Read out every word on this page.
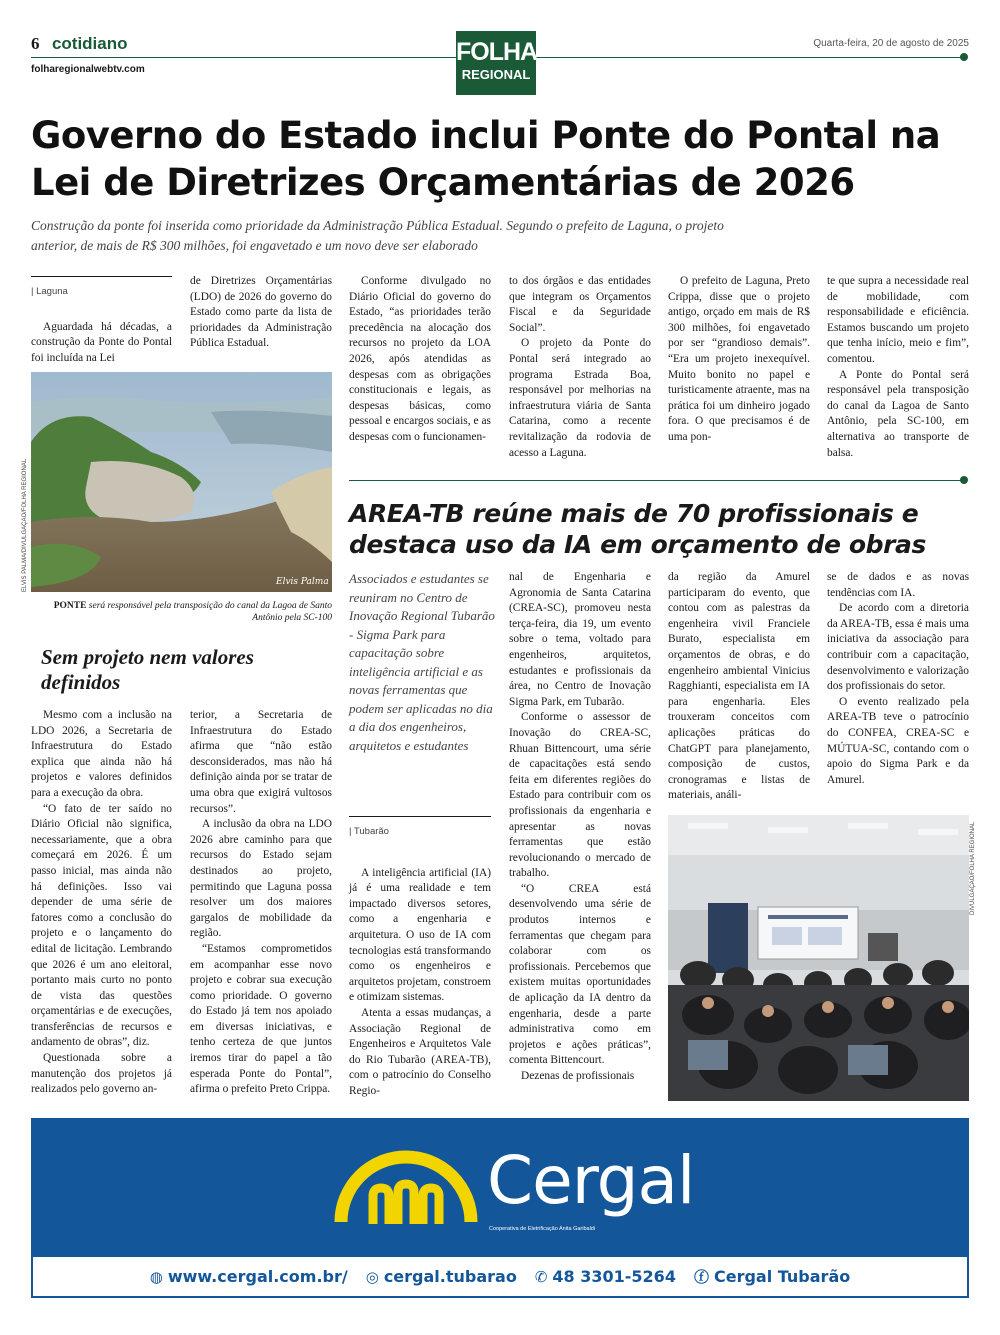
6 cotidiano
folharegionalwebtv.com
Quarta-feira, 20 de agosto de 2025
FOLHA
REGIONAL
Governo do Estado inclui Ponte do Pontal na Lei de Diretrizes Orçamentárias de 2026
Construção da ponte foi inserida como prioridade da Administração Pública Estadual. Segundo o prefeito de Laguna, o projeto anterior, de mais de R$ 300 milhões, foi engavetado e um novo deve ser elaborado
| Laguna

Aguardada há décadas, a construção da Ponte do Pontal foi incluída na Lei

de Diretrizes Orçamentárias (LDO) de 2026 do governo do Estado como parte da lista de prioridades da Administração Pública Estadual.

Conforme divulgado no Diário Oficial do governo do Estado, “as prioridades terão precedência na alocação dos recursos no projeto da LOA 2026, após atendidas as despesas com as obrigações constitucionais e legais, as despesas básicas, como pessoal e encargos sociais, e as despesas com o funcionamen-

to dos órgãos e das entidades que integram os Orçamentos Fiscal e da Seguridade Social”.

O projeto da Ponte do Pontal será integrado ao programa Estrada Boa, responsável por melhorias na infraestrutura viária de Santa Catarina, como a recente revitalização da rodovia de acesso a Laguna.

O prefeito de Laguna, Preto Crippa, disse que o projeto antigo, orçado em mais de R$ 300 milhões, foi engavetado por ser “grandioso demais”. “Era um projeto inexequível. Muito bonito no papel e turisticamente atraente, mas na prática foi um dinheiro jogado fora. O que precisamos é de uma pon-

te que supra a necessidade real de mobilidade, com responsabilidade e eficiência. Estamos buscando um projeto que tenha início, meio e fim”, comentou.

A Ponte do Pontal será responsável pela transposição do canal da Lagoa de Santo Antônio, pela SC-100, em alternativa ao transporte de balsa.

ELVIS PALMA/DIVULGAÇÃO/FOLHA REGIONAL	Elvis Palma
PONTE será responsável pela transposição do canal da Lagoa de Santo Antônio pela SC-100
Sem projeto nem valores definidos

Mesmo com a inclusão na LDO 2026, a Secretaria de Infraestrutura do Estado explica que ainda não há projetos e valores definidos para a execução da obra.

“O fato de ter saído no Diário Oficial não significa, necessariamente, que a obra começará em 2026. É um passo inicial, mas ainda não há definições. Isso vai depender de uma série de fatores como a conclusão do projeto e o lançamento do edital de licitação. Lembrando que 2026 é um ano eleitoral, portanto mais curto no ponto de vista das questões orçamentárias e de execuções, transferências de recursos e andamento de obras”, diz.

Questionada sobre a manutenção dos projetos já realizados pelo governo an-

terior, a Secretaria de Infraestrutura do Estado afirma que “não estão desconsiderados, mas não há definição ainda por se tratar de uma obra que exigirá vultosos recursos”.

A inclusão da obra na LDO 2026 abre caminho para que recursos do Estado sejam destinados ao projeto, permitindo que Laguna possa resolver um dos maiores gargalos de mobilidade da região.

“Estamos comprometidos em acompanhar esse novo projeto e cobrar sua execução como prioridade. O governo do Estado já tem nos apoiado em diversas iniciativas, e tenho certeza de que juntos iremos tirar do papel a tão esperada Ponte do Pontal”, afirma o prefeito Preto Crippa.

AREA-TB reúne mais de 70 profissionais e destaca uso da IA em orçamento de obras
Associados e estudantes se reuniram no Centro de Inovação Regional Tubarão - Sigma Park para capacitação sobre inteligência artificial e as novas ferramentas que podem ser aplicadas no dia a dia dos engenheiros, arquitetos e estudantes
| Tubarão

A inteligência artificial (IA) já é uma realidade e tem impactado diversos setores, como a engenharia e arquitetura. O uso de IA com tecnologias está transformando como os engenheiros e arquitetos projetam, constroem e otimizam sistemas.

Atenta a essas mudanças, a Associação Regional de Engenheiros e Arquitetos Vale do Rio Tubarão (AREA-TB), com o patrocínio do Conselho Regio-

nal de Engenharia e Agronomia de Santa Catarina (CREA-SC), promoveu nesta terça-feira, dia 19, um evento sobre o tema, voltado para engenheiros, arquitetos, estudantes e profissionais da área, no Centro de Inovação Sigma Park, em Tubarão.

Conforme o assessor de Inovação do CREA-SC, Rhuan Bittencourt, uma série de capacitações está sendo feita em diferentes regiões do Estado para contribuir com os profissionais da engenharia e apresentar as novas ferramentas que estão revolucionando o mercado de trabalho.

“O CREA está desenvolvendo uma série de produtos internos e ferramentas que chegam para colaborar com os profissionais. Percebemos que existem muitas oportunidades de aplicação da IA dentro da engenharia, desde a parte administrativa como em projetos e ações práticas”, comenta Bittencourt.

Dezenas de profissionais

da região da Amurel participaram do evento, que contou com as palestras da engenheira vivil Franciele Burato, especialista em orçamentos de obras, e do engenheiro ambiental Vinicius Ragghianti, especialista em IA para engenharia. Eles trouxeram conceitos com aplicações práticas do ChatGPT para planejamento, composição de custos, cronogramas e listas de materiais, análi-

se de dados e as novas tendências com IA.

De acordo com a diretoria da AREA-TB, essa é mais uma iniciativa da associação para contribuir com a capacitação, desenvolvimento e valorização dos profissionais do setor.

O evento realizado pela AREA-TB teve o patrocínio do CONFEA, CREA-SC e MÚTUA-SC, contando com o apoio do Sigma Park e da Amurel.

DIVULGAÇÃO/FOLHA REGIONAL
Cergal
Cooperativa de Eletrificação Anita Garibaldi
◍ www.cergal.com.br/ ◎ cergal.tubarao ✆ 48 3301-5264 ⓕ Cergal Tubarão
